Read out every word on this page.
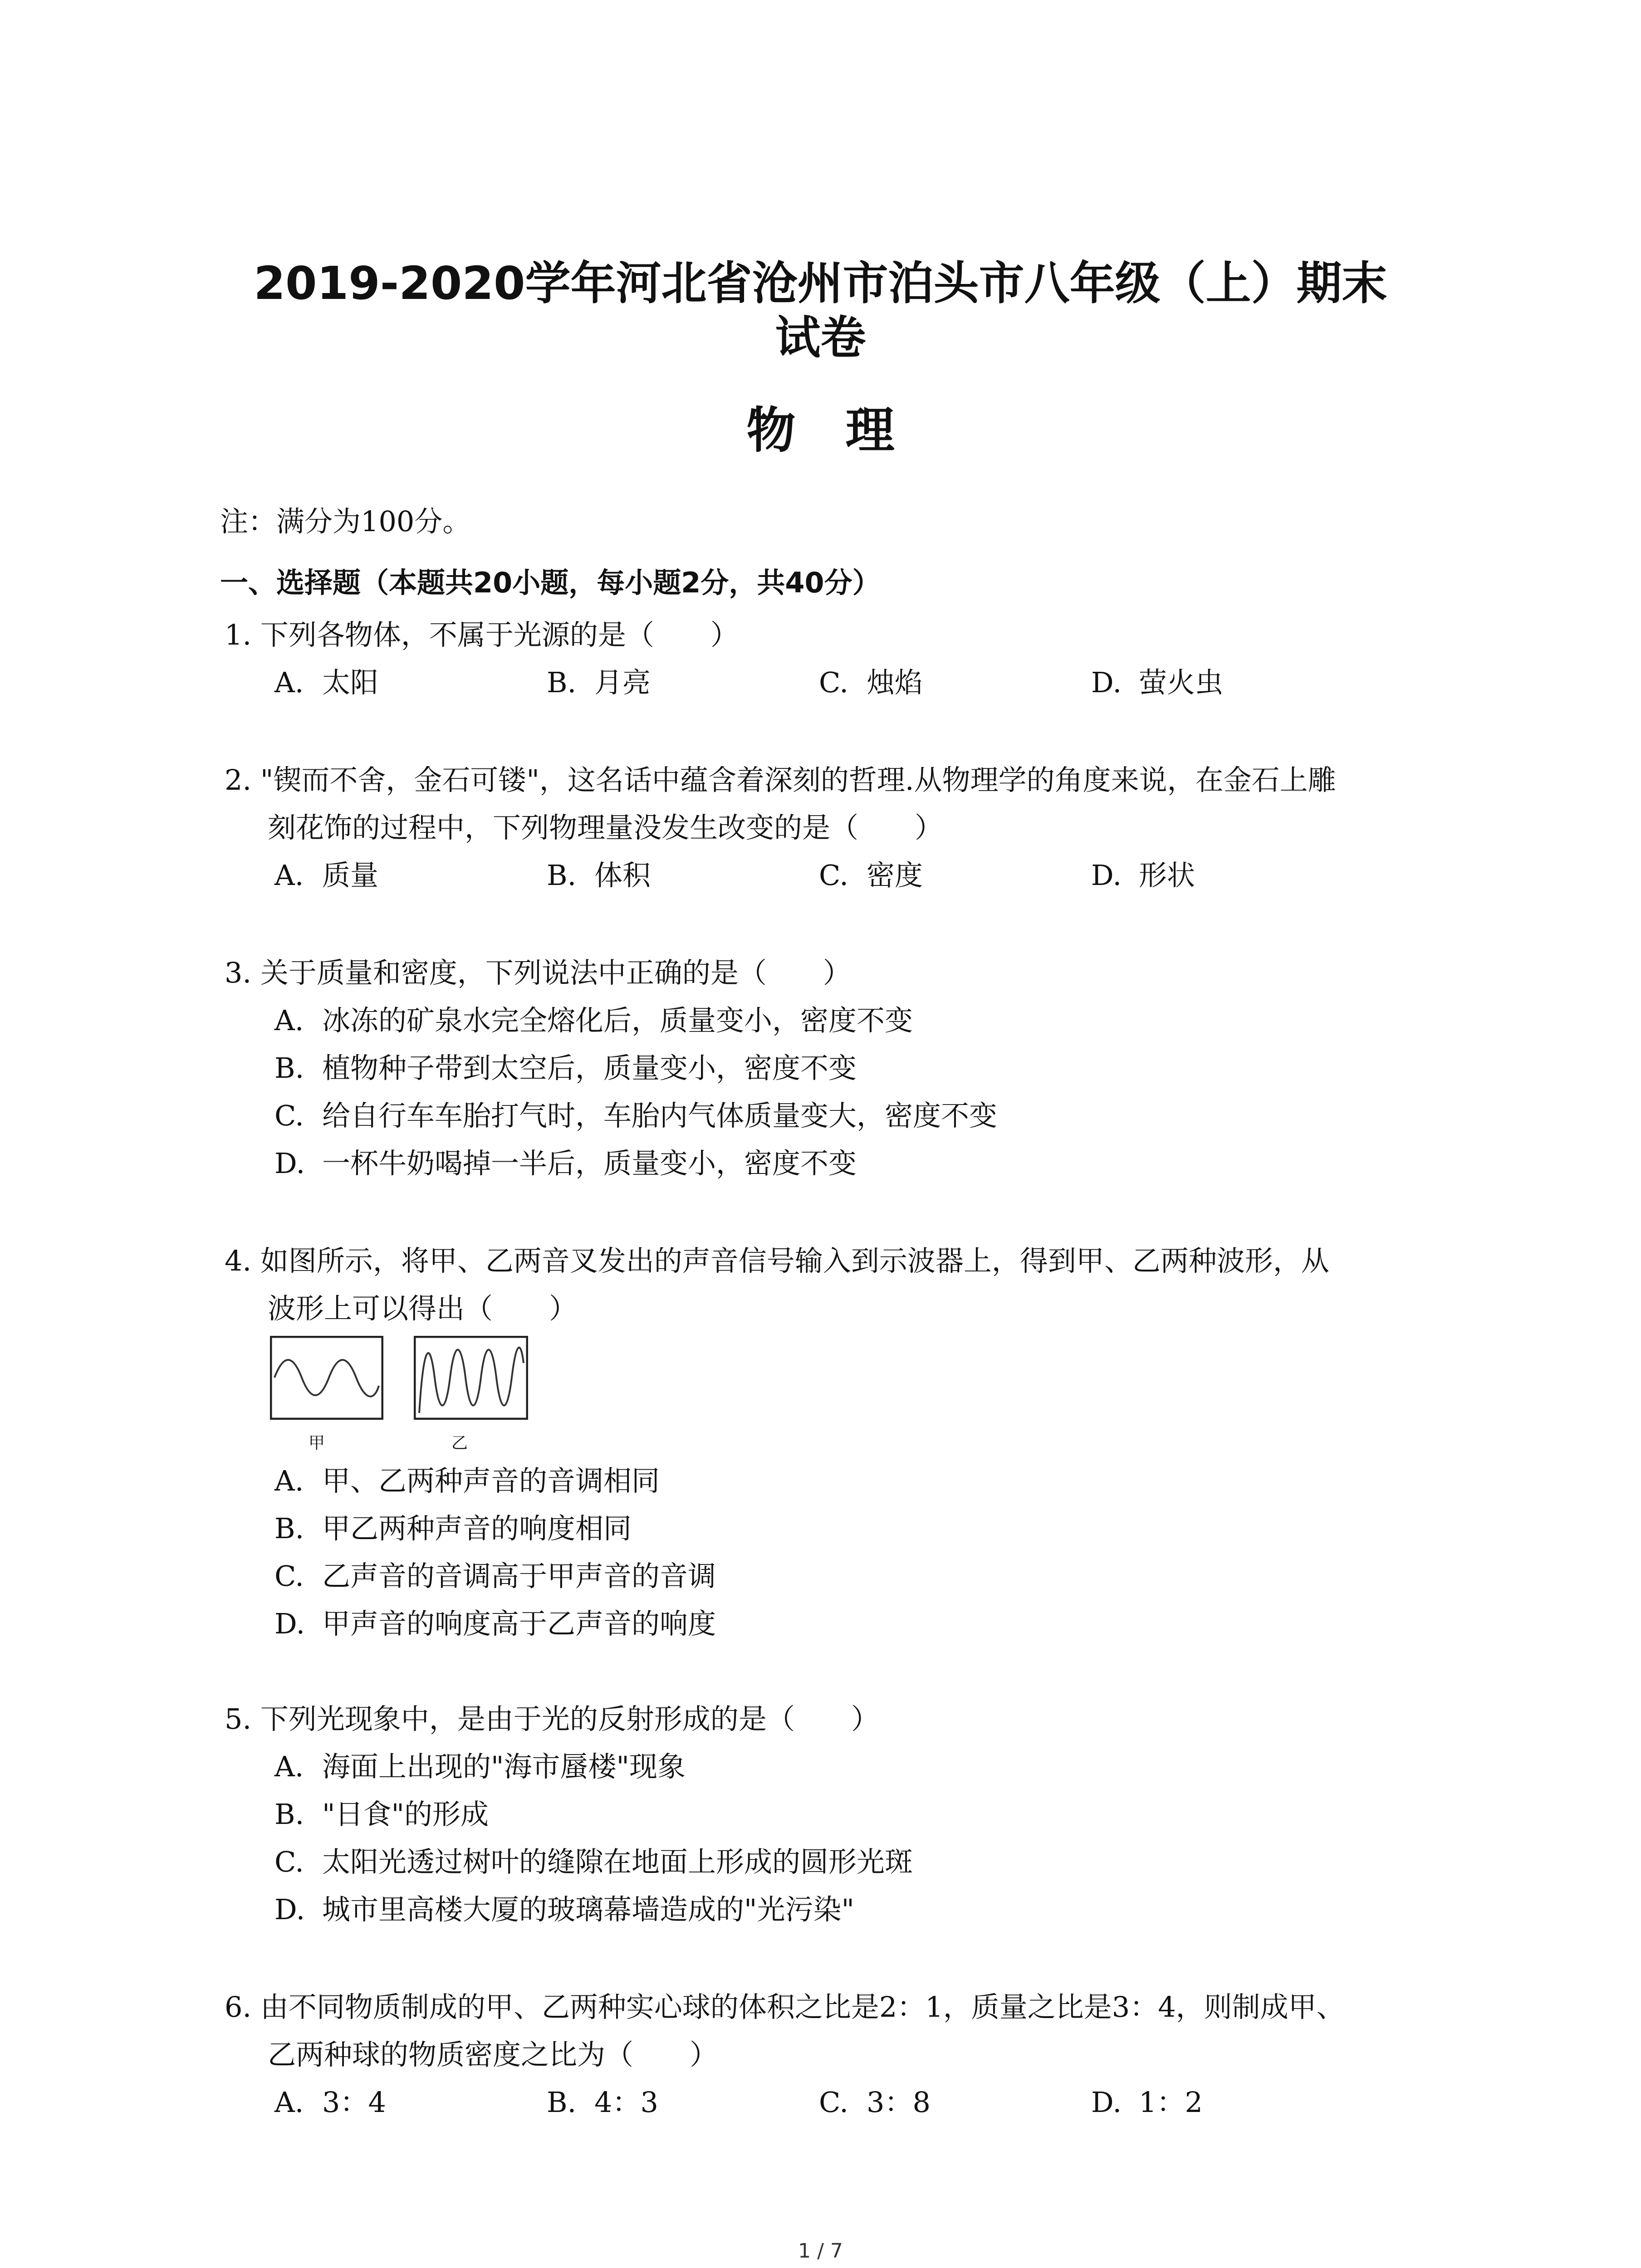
2019-2020学年河北省沧州市泊头市八年级（上）期末
试卷
物理
注：满分为100分。
一、选择题（本题共20小题，每小题2分，共40分）
1. 下列各物体，不属于光源的是（　　）
A. 太阳	B. 月亮	C. 烛焰	D. 萤火虫
2. "锲而不舍，金石可镂"，这名话中蕴含着深刻的哲理.从物理学的角度来说，在金石上雕
刻花饰的过程中，下列物理量没发生改变的是（　　）
A. 质量	B. 体积	C. 密度	D. 形状
3. 关于质量和密度，下列说法中正确的是（　　）
A. 冰冻的矿泉水完全熔化后，质量变小，密度不变
B. 植物种子带到太空后，质量变小，密度不变
C. 给自行车车胎打气时，车胎内气体质量变大，密度不变
D. 一杯牛奶喝掉一半后，质量变小，密度不变
4. 如图所示，将甲、乙两音叉发出的声音信号输入到示波器上，得到甲、乙两种波形，从
波形上可以得出（　　）
甲	乙
A. 甲、乙两种声音的音调相同
B. 甲乙两种声音的响度相同
C. 乙声音的音调高于甲声音的音调
D. 甲声音的响度高于乙声音的响度
5. 下列光现象中，是由于光的反射形成的是（　　）
A. 海面上出现的"海市蜃楼"现象
B. "日食"的形成
C. 太阳光透过树叶的缝隙在地面上形成的圆形光斑
D. 城市里高楼大厦的玻璃幕墙造成的"光污染"
6. 由不同物质制成的甲、乙两种实心球的体积之比是2：1，质量之比是3：4，则制成甲、
乙两种球的物质密度之比为（　　）
A. 3：4	B. 4：3	C. 3：8	D. 1：2
1 / 7
